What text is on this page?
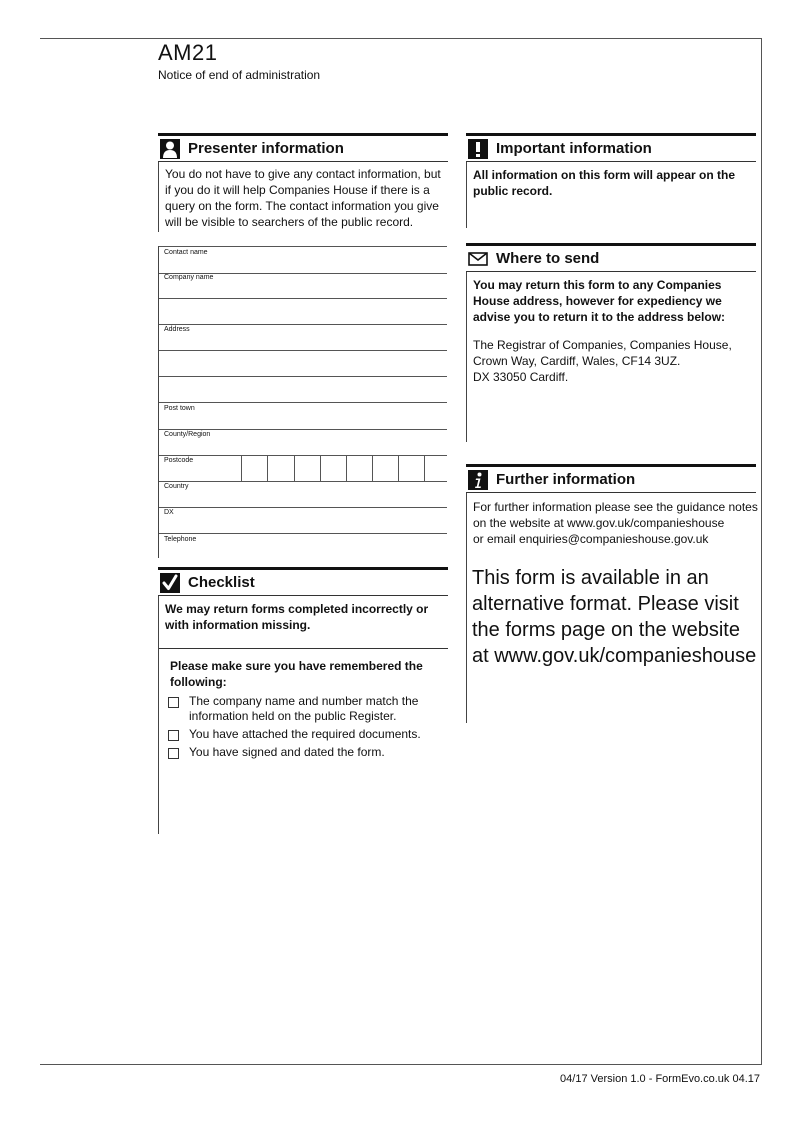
AM21
Notice of end of administration
Presenter information
You do not have to give any contact information, but if you do it will help Companies House if there is a query on the form. The contact information you give will be visible to searchers of the public record.
Contact name
Company name
Address
Post town
County/Region
Postcode
Country
DX
Telephone
Checklist
We may return forms completed incorrectly or with information missing.
Please make sure you have remembered the following:
The company name and number match the information held on the public Register.
You have attached the required documents.
You have signed and dated the form.
Important information
All information on this form will appear on the public record.
Where to send
You may return this form to any Companies House address, however for expediency we advise you to return it to the address below:
The Registrar of Companies, Companies House,
Crown Way, Cardiff, Wales, CF14 3UZ.
DX 33050 Cardiff.
Further information
For further information please see the guidance notes
on the website at www.gov.uk/companieshouse
or email enquiries@companieshouse.gov.uk
This form is available in an alternative format. Please visit the forms page on the website at www.gov.uk/companieshouse
04/17 Version 1.0 - FormEvo.co.uk 04.17
